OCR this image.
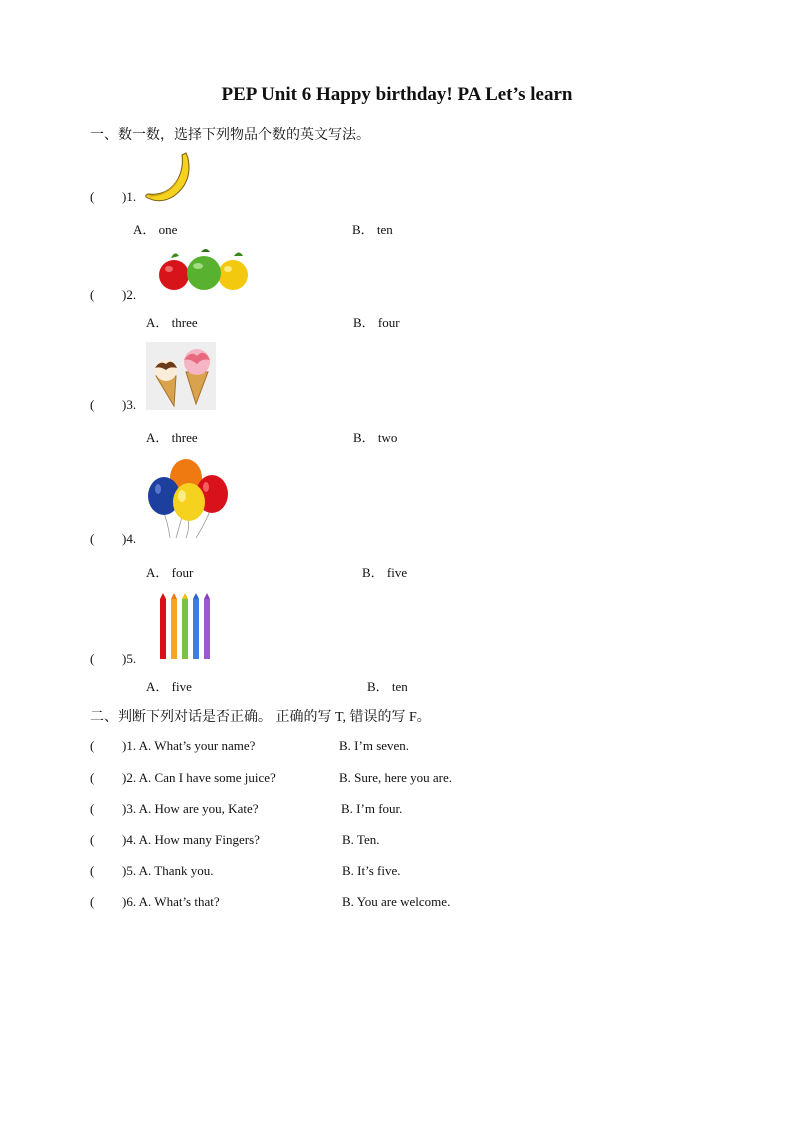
PEP Unit 6 Happy birthday! PA Let’s learn
一、数一数，选择下列物品个数的英文写法。
( )1.
A． one	B． ten
( )2.
A． three	B． four
( )3.
A． three	B． two
( )4.
A． four	B． five
( )5.
A． five	B． ten
二、判断下列对话是否正确。 正确的写 T, 错误的写 F。
( )1. A. What’s your name?	B. I’m seven.
( )2. A. Can I have some juice?	B. Sure, here you are.
( )3. A. How are you, Kate?	B. I’m four.
( )4. A. How many Fingers?	B. Ten.
( )5. A. Thank you.	B. It’s five.
( )6. A. What’s that?	B. You are welcome.
